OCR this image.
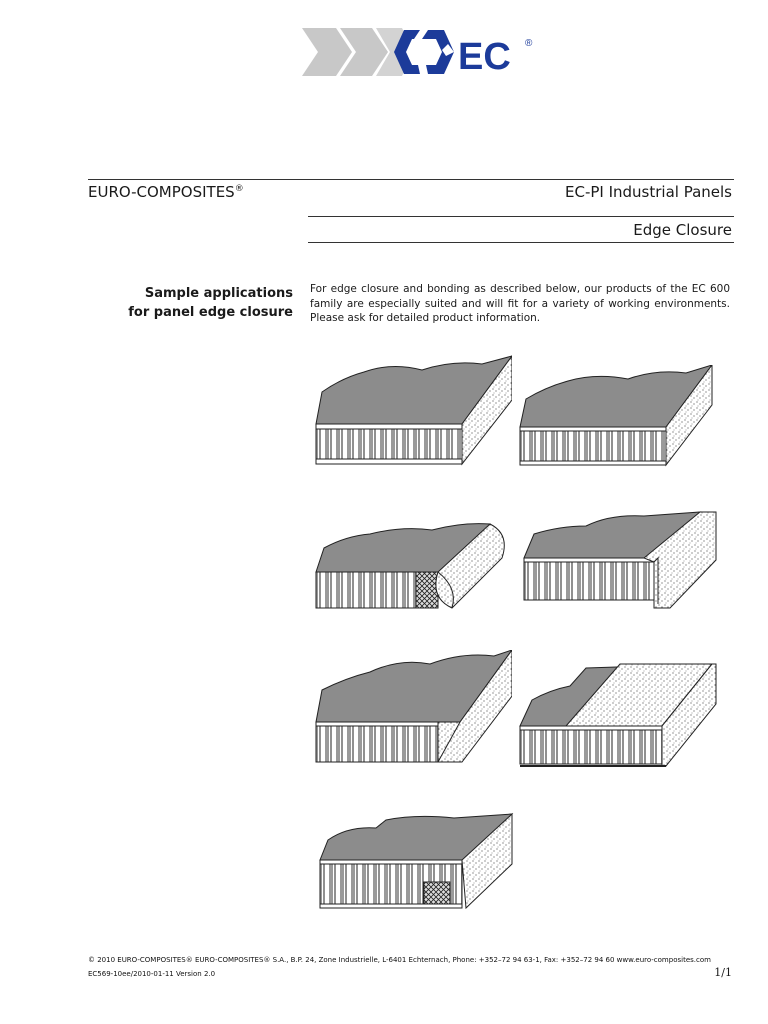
EC ®
EURO-COMPOSITES®	EC-PI Industrial Panels
Edge Closure
Sample applications
for panel edge closure
For edge closure and bonding as described below, our products of the EC 600 family are especially suited and will fit for a variety of working environments. Please ask for detailed product information.
© 2010 EURO-COMPOSITES® EURO-COMPOSITES® S.A., B.P. 24, Zone Industrielle, L-6401 Echternach, Phone: +352–72 94 63-1, Fax: +352–72 94 60 www.euro-composites.com
EC569-10ee/2010-01-11 Version 2.0	1/1
